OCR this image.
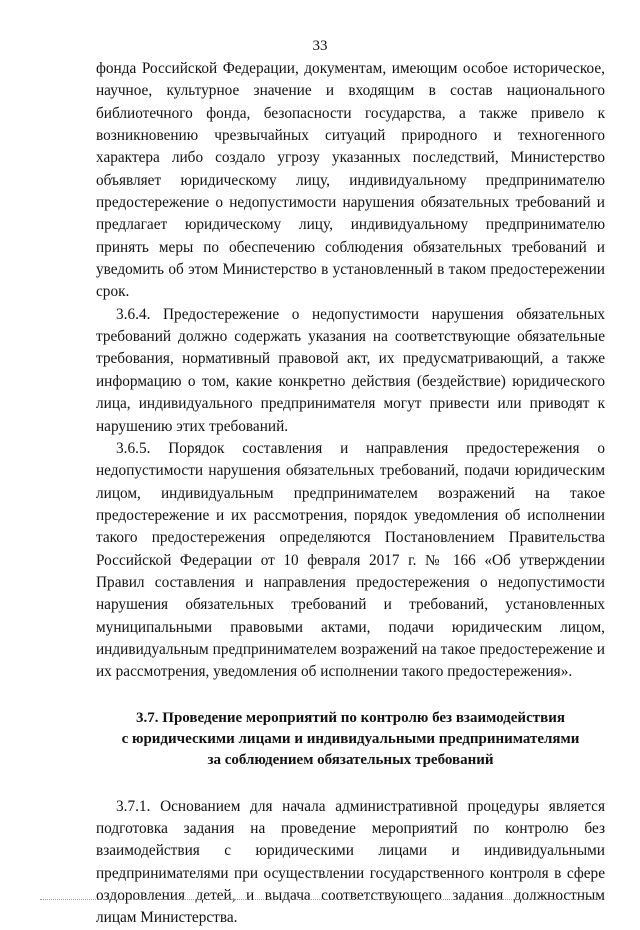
33

фонда Российской Федерации, документам, имеющим особое историческое, научное, культурное значение и входящим в состав национального библиотечного фонда, безопасности государства, а также привело к возникновению чрезвычайных ситуаций природного и техногенного характера либо создало угрозу указанных последствий, Министерство объявляет юридическому лицу, индивидуальному предпринимателю предостережение о недопустимости нарушения обязательных требований и предлагает юридическому лицу, индивидуальному предпринимателю принять меры по обеспечению соблюдения обязательных требований и уведомить об этом Министерство в установленный в таком предостережении срок.

3.6.4. Предостережение о недопустимости нарушения обязательных требований должно содержать указания на соответствующие обязательные требования, нормативный правовой акт, их предусматривающий, а также информацию о том, какие конкретно действия (бездействие) юридического лица, индивидуального предпринимателя могут привести или приводят к нарушению этих требований.

3.6.5. Порядок составления и направления предостережения о недопустимости нарушения обязательных требований, подачи юридическим лицом, индивидуальным предпринимателем возражений на такое предостережение и их рассмотрения, порядок уведомления об исполнении такого предостережения определяются Постановлением Правительства Российской Федерации от 10 февраля 2017 г. № 166 «Об утверждении Правил составления и направления предостережения о недопустимости нарушения обязательных требований и требований, установленных муниципальными правовыми актами, подачи юридическим лицом, индивидуальным предпринимателем возражений на такое предостережение и их рассмотрения, уведомления об исполнении такого предостережения».

3.7. Проведение мероприятий по контролю без взаимодействия
с юридическими лицами и индивидуальными предпринимателями
за соблюдением обязательных требований

3.7.1. Основанием для начала административной процедуры является подготовка задания на проведение мероприятий по контролю без взаимодействия с юридическими лицами и индивидуальными предпринимателями при осуществлении государственного контроля в сфере оздоровления детей, и выдача соответствующего задания должностным лицам Министерства.
